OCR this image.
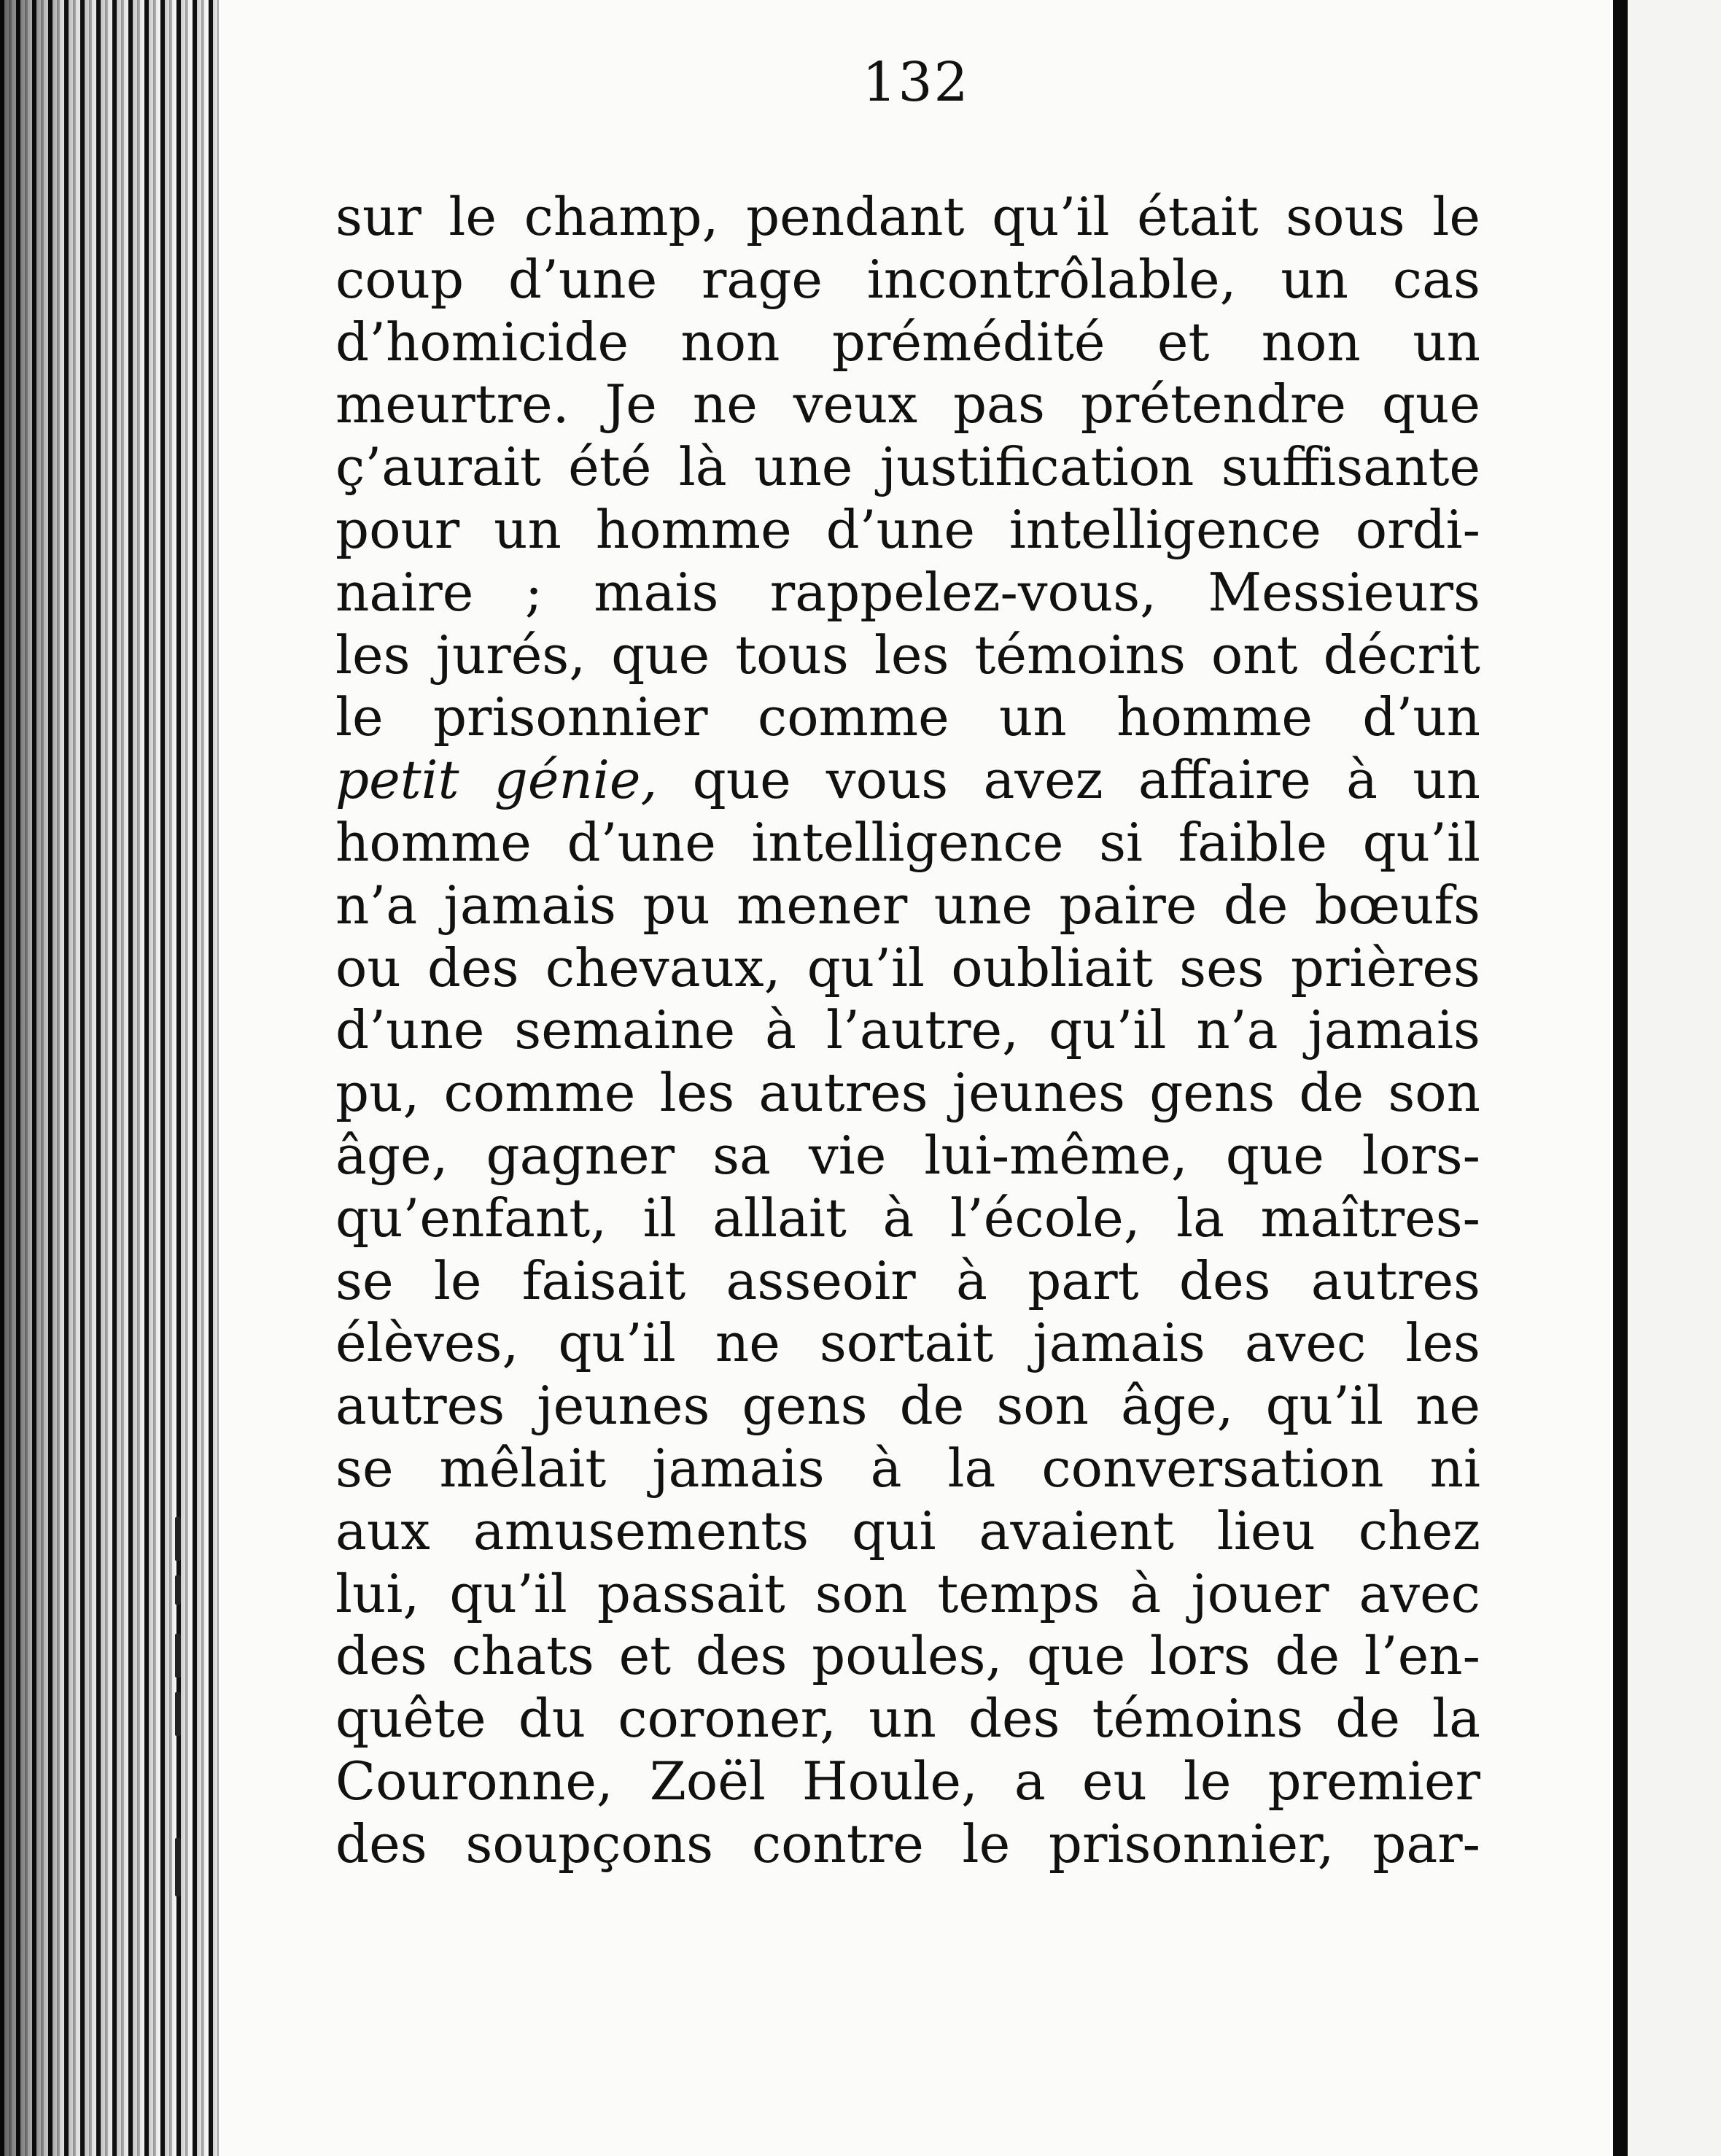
132
sur le champ, pendant qu’il était sous le
coup d’une rage incontrôlable, un cas
d’homicide non prémédité et non un
meurtre. Je ne veux pas prétendre que
ç’aurait été là une justification suffisante
pour un homme d’une intelligence ordi-
naire ; mais rappelez-vous, Messieurs
les jurés, que tous les témoins ont décrit
le prisonnier comme un homme d’un
petit génie, que vous avez affaire à un
homme d’une intelligence si faible qu’il
n’a jamais pu mener une paire de bœufs
ou des chevaux, qu’il oubliait ses prières
d’une semaine à l’autre, qu’il n’a jamais
pu, comme les autres jeunes gens de son
âge, gagner sa vie lui-même, que lors-
qu’enfant, il allait à l’école, la maîtres-
se le faisait asseoir à part des autres
élèves, qu’il ne sortait jamais avec les
autres jeunes gens de son âge, qu’il ne
se mêlait jamais à la conversation ni
aux amusements qui avaient lieu chez
lui, qu’il passait son temps à jouer avec
des chats et des poules, que lors de l’en-
quête du coroner, un des témoins de la
Couronne, Zoël Houle, a eu le premier
des soupçons contre le prisonnier, par-
